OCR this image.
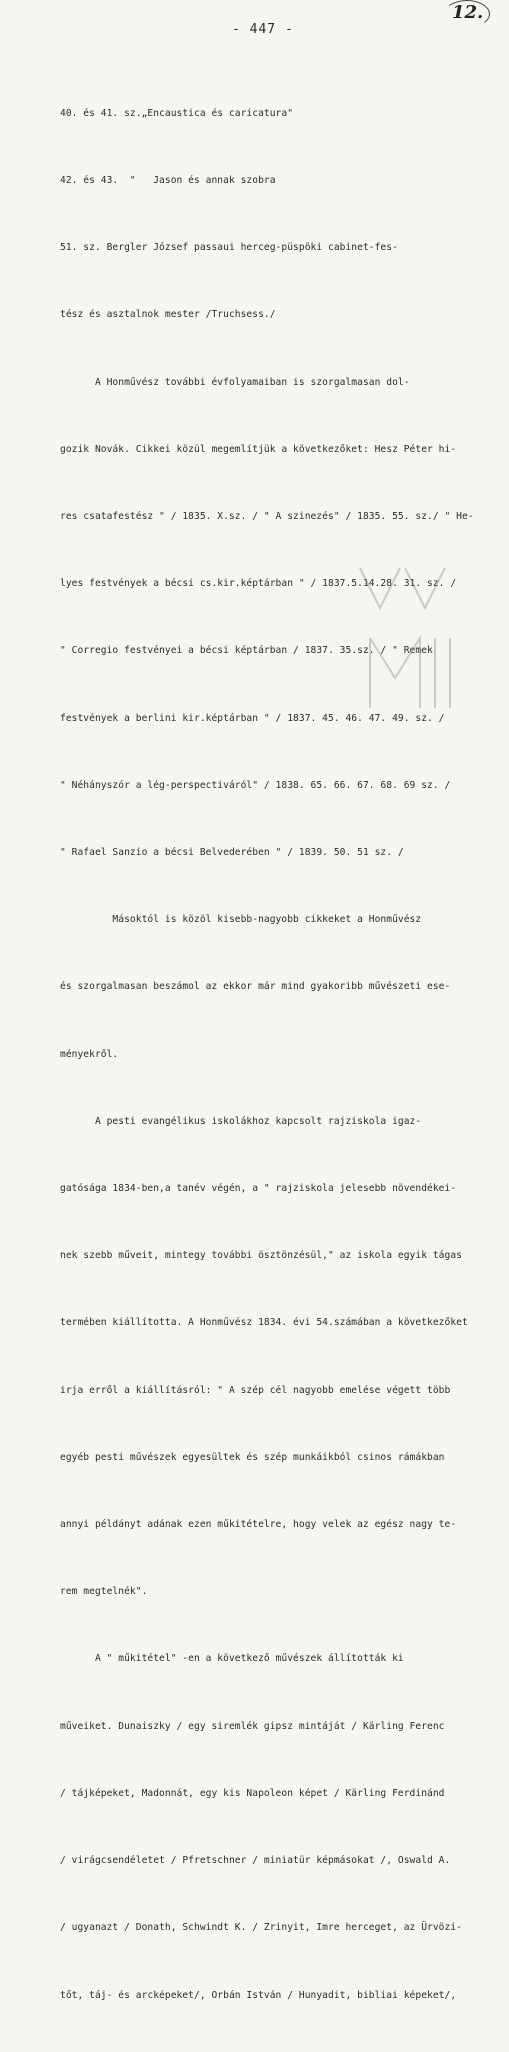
- 447 -
12.

40. és 41. sz.„Encaustica és caricatura"

42. és 43.  "   Jason és annak szobra

51. sz. Bergler József passaui herceg-püspöki cabinet-fes-

tész és asztalnok mester /Truchsess./

A Honművész további évfolyamaiban is szorgalmasan dol-

gozik Novák. Cikkei közül megemlítjük a következőket: Hesz Péter hi-

res csatafestész " / 1835. X.sz. / " A szinezés" / 1835. 55. sz./ " He-

lyes festvények a bécsi cs.kir.képtárban " / 1837.5.14.28. 31. sz. /

" Corregio festvényei a bécsi képtárban / 1837. 35.sz. / " Remek

festvények a berlini kir.képtárban " / 1837. 45. 46. 47. 49. sz. /

" Néhányszór a lég-perspectiváról" / 1838. 65. 66. 67. 68. 69 sz. /

" Rafael Sanzio a bécsi Belvederében " / 1839. 50. 51 sz. /

Másoktól is közöl kisebb-nagyobb cikkeket a Honművész

és szorgalmasan beszámol az ekkor már mind gyakoribb művészeti ese-

ményekről.

A pesti evangélikus iskolákhoz kapcsolt rajziskola igaz-

gatósága 1834-ben,a tanév végén, a " rajziskola jelesebb növendékei-

nek szebb műveit, mintegy további ösztönzésül," az iskola egyik tágas

termében kiállította. A Honművész 1834. évi 54.számában a következőket

irja erről a kiállításról: " A szép cél nagyobb emelése végett több

egyéb pesti művészek egyesültek és szép munkáikból csinos rámákban

annyi példányt adának ezen műkitételre, hogy velek az egész nagy te-

rem megtelnék".

A " műkitétel" -en a következő művészek állították ki

műveiket. Dunaiszky / egy siremlék gipsz mintáját / Kärling Ferenc

/ tájképeket, Madonnát, egy kis Napoleon képet / Kärling Ferdinánd

/ virágcsendéletet / Pfretschner / miniatür képmásokat /, Oswald A.

/ ugyanazt / Donath, Schwindt K. / Zrinyit, Imre herceget, az Ürvözi-

tőt, táj- és arcképeket/, Orbán István / Hunyadit, bibliai képeket/,
